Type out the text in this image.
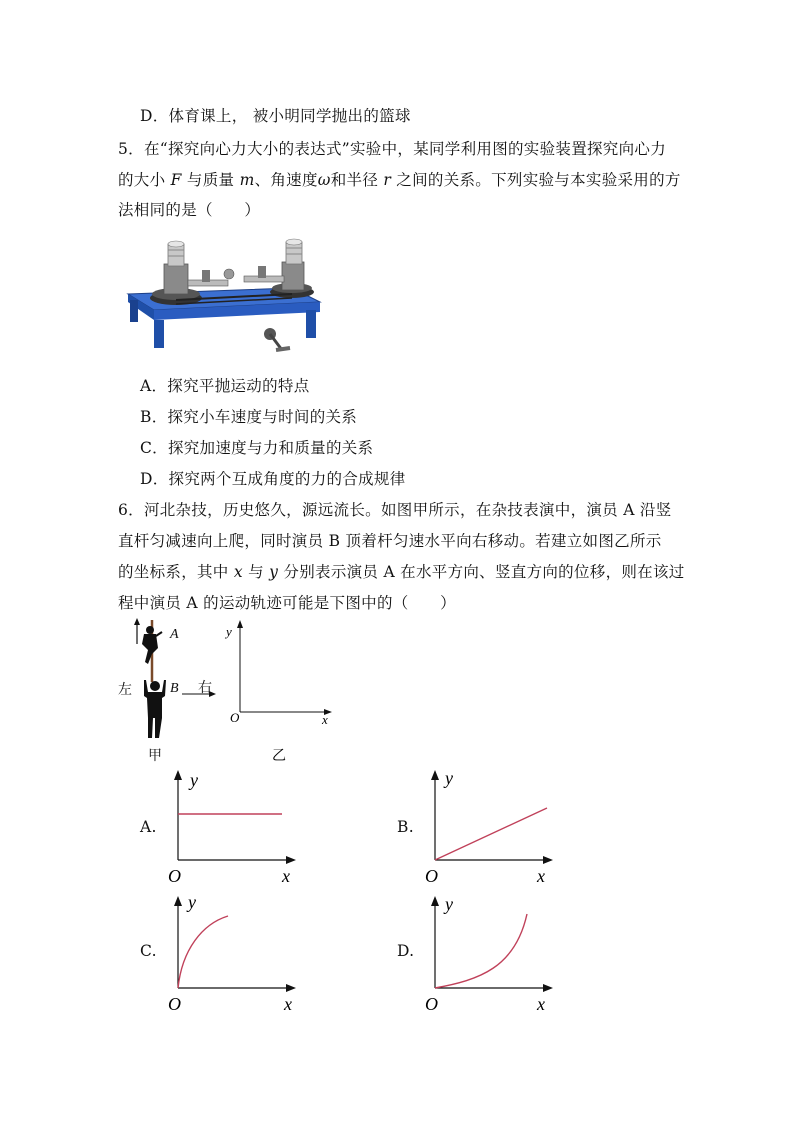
D．体育课上， 被小明同学抛出的篮球
5．在“探究向心力大小的表达式”实验中，某同学利用图的实验装置探究向心力
的大小 F 与质量 m、角速度ω和半径 r 之间的关系。下列实验与本实验采用的方
法相同的是（　　）
A．探究平抛运动的特点
B．探究小车速度与时间的关系
C．探究加速度与力和质量的关系
D．探究两个互成角度的力的合成规律
6．河北杂技，历史悠久，源远流长。如图甲所示，在杂技表演中，演员 A 沿竖
直杆匀减速向上爬，同时演员 B 顶着杆匀速水平向右移动。若建立如图乙所示
的坐标系，其中 x 与 y 分别表示演员 A 在水平方向、竖直方向的位移，则在该过
程中演员 A 的运动轨迹可能是下图中的（　　）
B
A
左	右
甲
y
x
O
乙
A.
y
x
O
B.
y
x
O
C.
y
x
O
D.
y
x
O
